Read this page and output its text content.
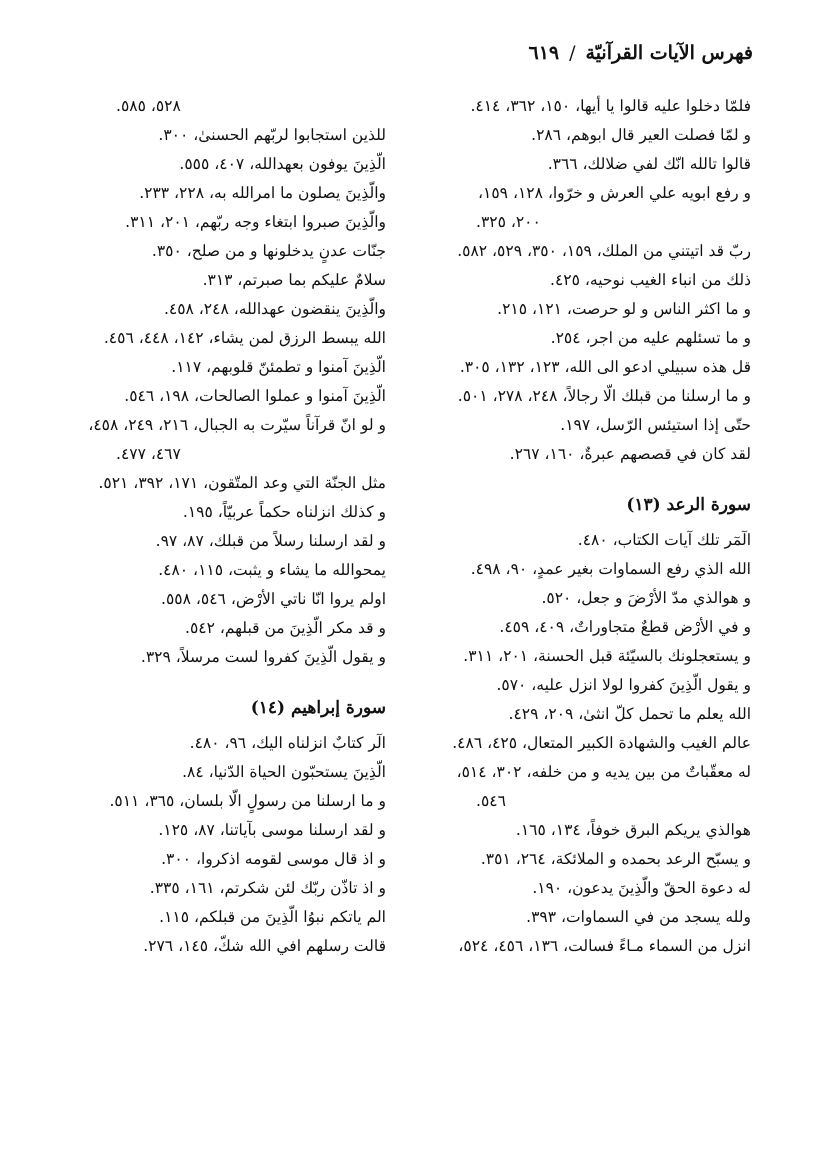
فهرس الآيات القرآنيّة
/
٦١٩
فلمّا دخلوا عليه قالوا يا أيها، ١٥٠، ٣٦٢، ٤١٤.
و لمّا فصلت العير قال ابوهم، ٢٨٦.
قالوا تالله انّك لفي ضلالك، ٣٦٦.
و رفع ابويه علي العرش و خرّوا، ١٢٨، ١٥٩،
٢٠٠، ٣٢٥.
ربّ قد اتيتني من الملك، ١٥٩، ٣٥٠، ٥٢٩، ٥٨٢.
ذلك من انباء الغيب نوحيه، ٤٢٥.
و ما اكثر الناس و لو حرصت، ١٢١، ٢١٥.
و ما تسئلهم عليه من اجر، ٢٥٤.
قل هذه سبيلي ادعو الى الله، ١٢٣، ١٣٢، ٣٠٥.
و ما ارسلنا من قبلك الّا رجالاً، ٢٤٨، ٢٧٨، ٥٠١.
حتّى إذا استيئس الرّسل، ١٩٧.
لقد كان في قصصهم عبرةٌ، ١٦٠، ٢٦٧.
سورة الرعد (١٣)
الٓمٓر تلك آيات الكتاب، ٤٨٠.
الله الذي رفع السماوات بغير عمدٍ، ٩٠، ٤٩٨.
و هوالذي مدّ الأرْضَ و جعل، ٥٢٠.
و في الأرْض قطعٌ متجاوراتٌ، ٤٠٩، ٤٥٩.
و يستعجلونك بالسيّئة قبل الحسنة، ٢٠١، ٣١١.
و يقول الّذِينَ كفروا لولا انزل عليه، ٥٧٠.
الله يعلم ما تحمل كلّ انثىٰ، ٢٠٩، ٤٢٩.
عالم الغيب والشهادة الكبير المتعال، ٤٢٥، ٤٨٦.
له معقّباتٌ من بين يديه و من خلفه، ٣٠٢، ٥١٤،
٥٤٦.
هوالذي يريكم البرق خوفاً، ١٣٤، ١٦٥.
و يسبّح الرعد بحمده و الملائكة، ٢٦٤، ٣٥١.
له دعوة الحقّ والّذِينَ يدعون، ١٩٠.
ولله يسجد من في السماوات، ٣٩٣.
انزل من السماء مـاءً فسالت، ١٣٦، ٤٥٦، ٥٢٤،
٥٢٨، ٥٨٥.
للذين استجابوا لربّهم الحسنىٰ، ٣٠٠.
الّذِينَ يوفون بعهدالله، ٤٠٧، ٥٥٥.
والّذِينَ يصلون ما امرالله به، ٢٢٨، ٢٣٣.
والّذِينَ صبروا ابتغاء وجه ربّهم، ٢٠١، ٣١١.
جنّات عدنٍ يدخلونها و من صلح، ٣٥٠.
سلامٌ عليكم بما صبرتم، ٣١٣.
والّذِينَ ينقضون عهدالله، ٢٤٨، ٤٥٨.
الله يبسط الرزق لمن يشاء، ١٤٢، ٤٤٨، ٤٥٦.
الّذِينَ آمنوا و تطمئنّ قلوبهم، ١١٧.
الّذِينَ آمنوا و عملوا الصالحات، ١٩٨، ٥٤٦.
و لو انّ قرآناً سيّرت به الجبال، ٢١٦، ٢٤٩، ٤٥٨،
٤٦٧، ٤٧٧.
مثل الجنّة التي وعد المتّقون، ١٧١، ٣٩٢، ٥٢١.
و كذلك انزلناه حكماً عربيّاً، ١٩٥.
و لقد ارسلنا رسلاً من قبلك، ٨٧، ٩٧.
يمحوالله ما يشاء و يثبت، ١١٥، ٤٨٠.
اولم يروا انّا ناتي الأرْض، ٥٤٦، ٥٥٨.
و قد مكر الّذِينَ من قبلهم، ٥٤٢.
و يقول الّذِينَ كفروا لست مرسلاً، ٣٢٩.
سورة إبراهيم (١٤)
الٓر كتابٌ انزلناه اليك، ٩٦، ٤٨٠.
الّذِينَ يستحبّون الحياة الدّنيا، ٨٤.
و ما ارسلنا من رسولٍ الّا بلسان، ٣٦٥، ٥١١.
و لقد ارسلنا موسى بآياتنا، ٨٧، ١٢٥.
و اذ قال موسى لقومه اذكروا، ٣٠٠.
و اذ تاذّن ربّك لئن شكرتم، ١٦١، ٣٣٥.
الم ياتكم نبوُا الّذِينَ من قبلكم، ١١٥.
قالت رسلهم افي الله شكّ، ١٤٥، ٢٧٦.
